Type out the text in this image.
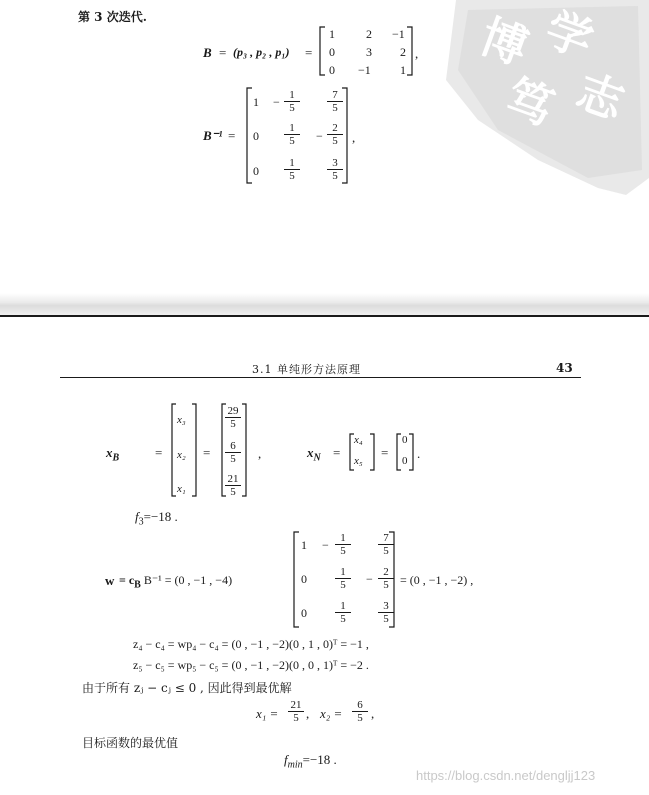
第 3 次迭代.
B = (p₃ , p₂ , p₁) =
1	2 −1
0	3 2
0 −1 1
,
B⁻¹ =
$1 - \frac{1}{5} \frac{7}{5}$
$0 \frac{1}{5} - \frac{2}{5}$
$0 \frac{1}{5} \frac{3}{5}$
,
博 学
笃 志
3.1 单纯形方法原理	43
$x_B$	=
x₃
x₂
x₁
=
$\frac{29}{5}$
$\frac{6}{5}$
$\frac{21}{5}$
,	$x_N$ =
x₄
x₅
=
0
0 .
$f_3=-18$ .
$w = c_B$ B⁻¹ = (0 , −1 , −4)
$1 - \frac{1}{5} \frac{7}{5}$
0	$\frac{1}{5} - \frac{2}{5}$
0	$\frac{1}{5} \frac{3}{5}$
= (0 , −1 , −2) ,
z₄ − c₄ = wp₄ − c₄ = (0 , −1 , −2)(0 , 1 , 0)ᵀ = −1 ,
z₅ − c₅ = wp₅ − c₅ = (0 , −1 , −2)(0 , 0 , 1)ᵀ = −2 .
由于所有 zⱼ − cⱼ ≤ 0 , 因此得到最优解
$x_1 = \frac{21}{5}$ , $x_2 = \frac{6}{5}$ ,
目标函数的最优值
$f_{min}=-18$ .
https://blog.csdn.net/dengljj123
